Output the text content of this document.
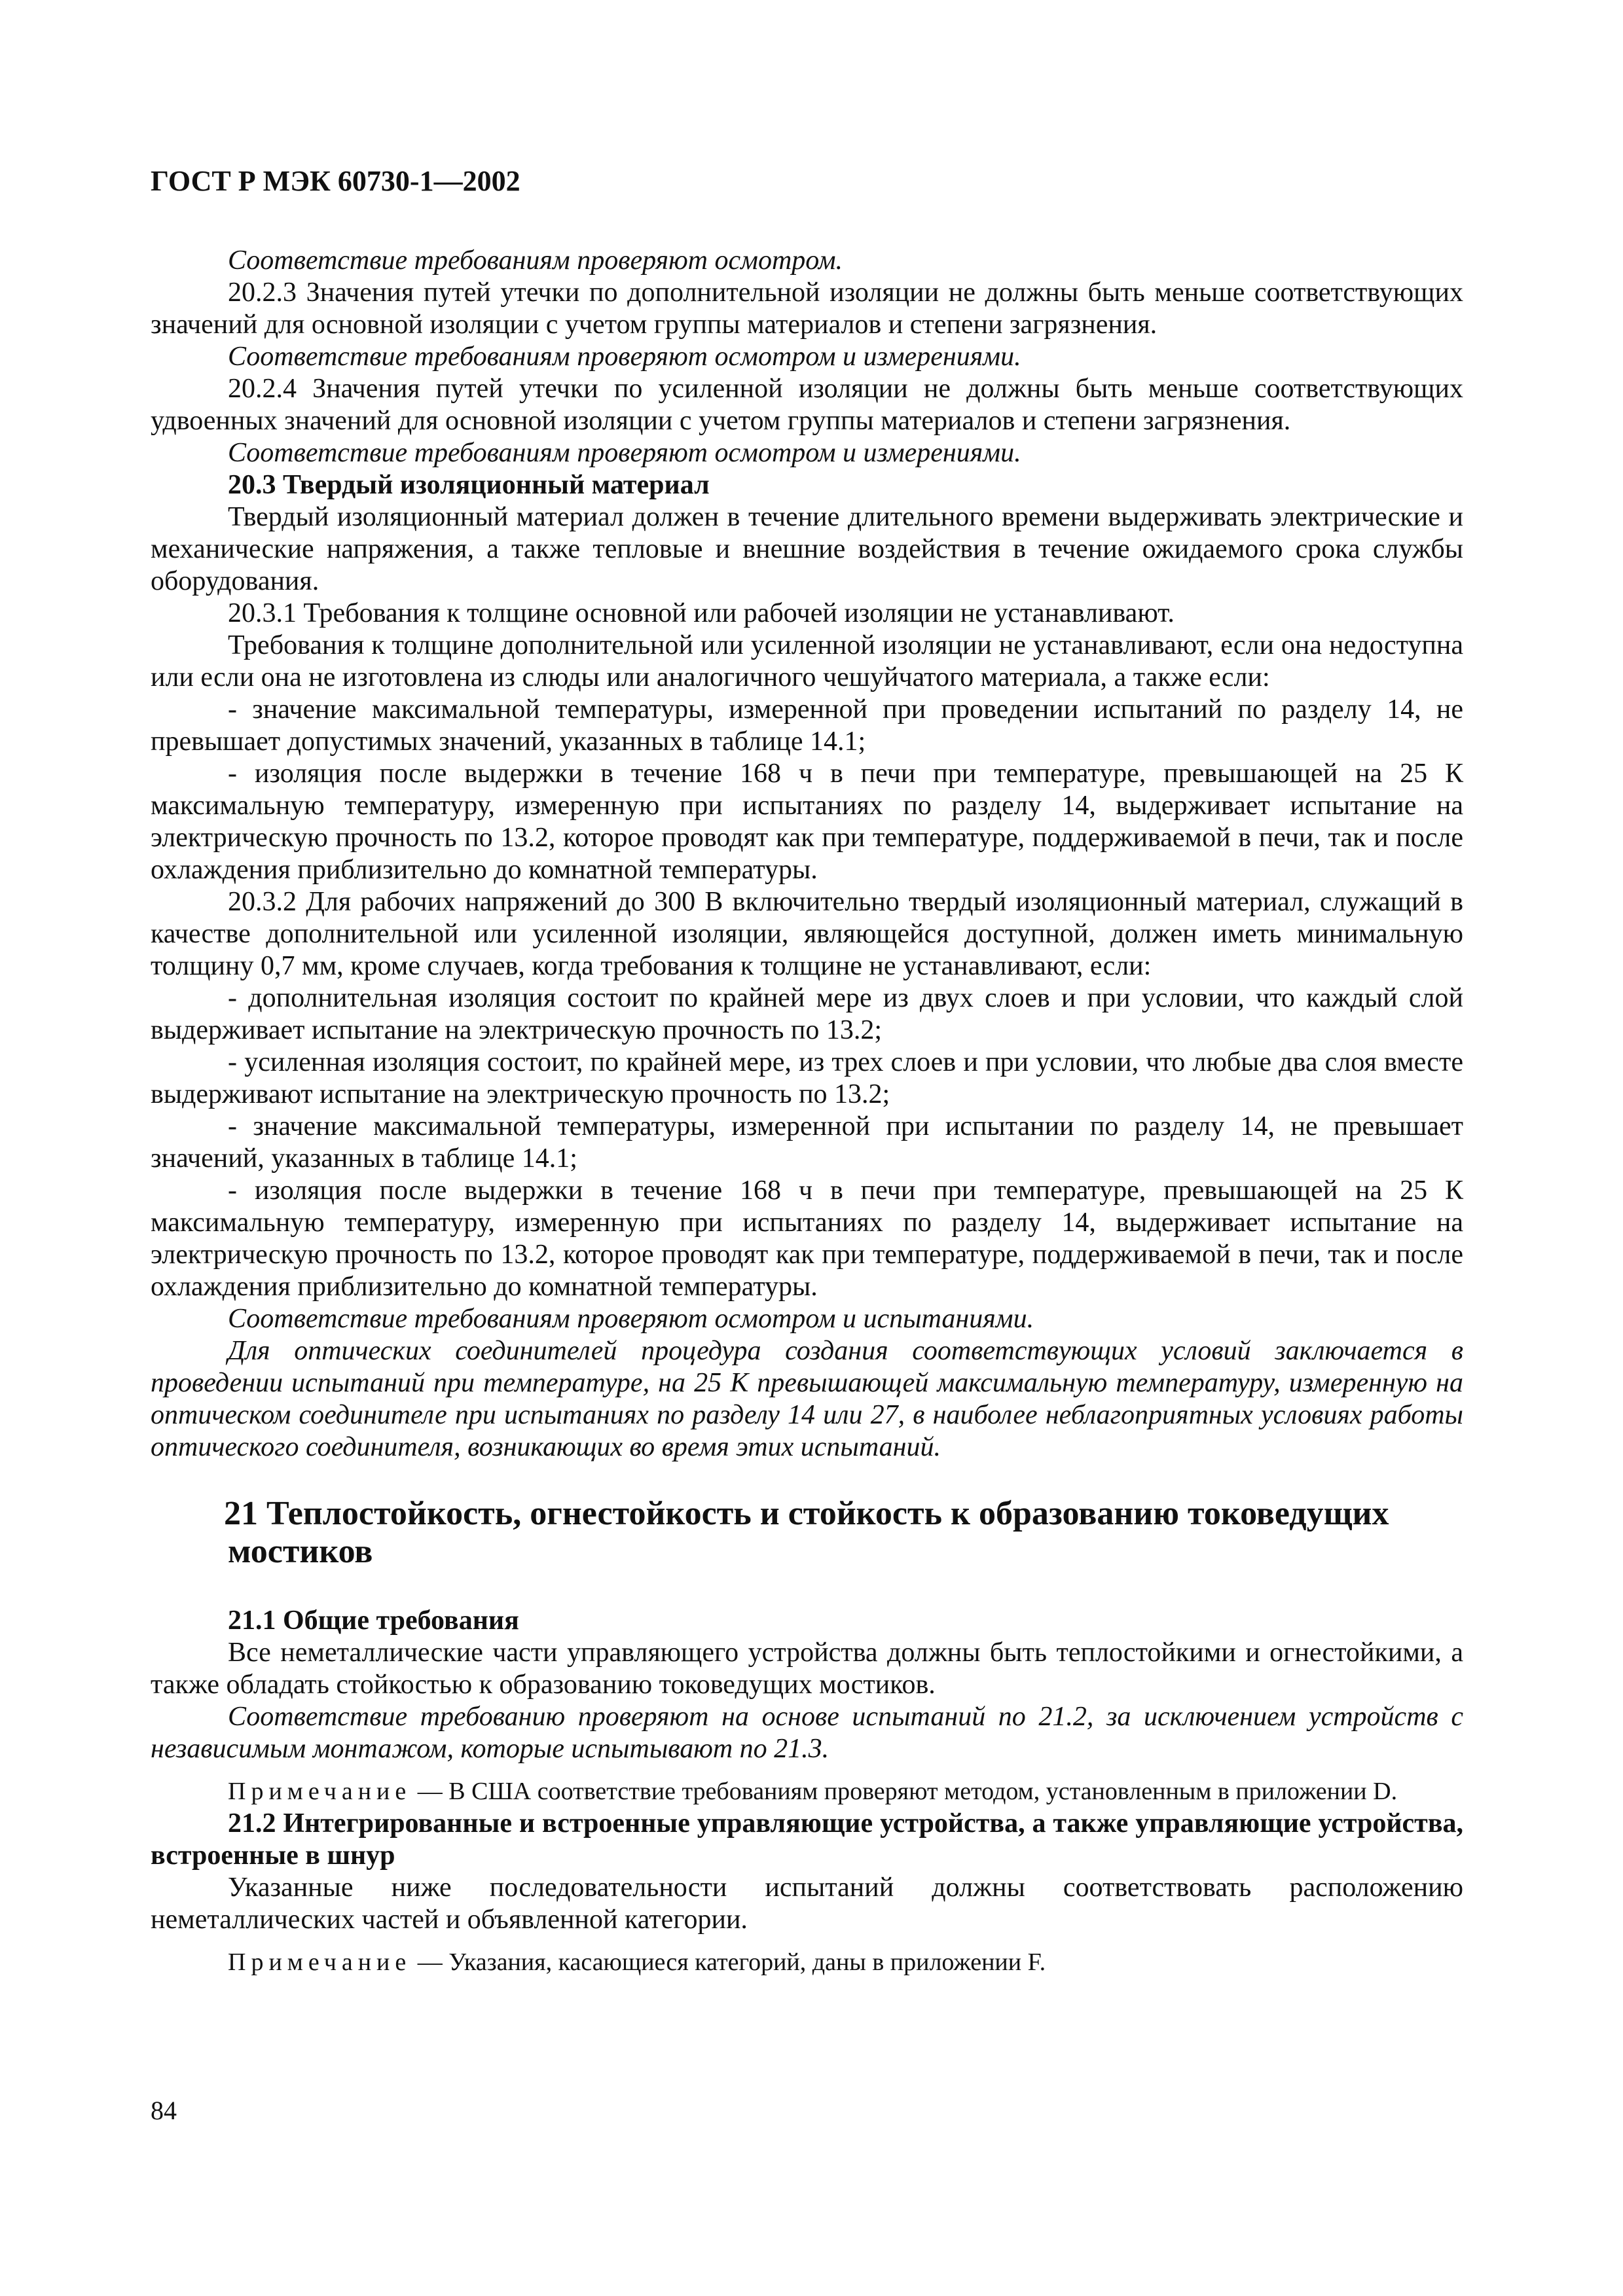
ГОСТ Р МЭК 60730-1—2002
Соответствие требованиям проверяют осмотром.
20.2.3 Значения путей утечки по дополнительной изоляции не должны быть меньше соответствующих значений для основной изоляции с учетом группы материалов и степени загрязнения.
Соответствие требованиям проверяют осмотром и измерениями.
20.2.4 Значения путей утечки по усиленной изоляции не должны быть меньше соответствующих удвоенных значений для основной изоляции с учетом группы материалов и степени загрязнения.
Соответствие требованиям проверяют осмотром и измерениями.
20.3 Твердый изоляционный материал
Твердый изоляционный материал должен в течение длительного времени выдерживать электрические и механические напряжения, а также тепловые и внешние воздействия в течение ожидаемого срока службы оборудования.
20.3.1 Требования к толщине основной или рабочей изоляции не устанавливают.
Требования к толщине дополнительной или усиленной изоляции не устанавливают, если она недоступна или если она не изготовлена из слюды или аналогичного чешуйчатого материала, а также если:
- значение максимальной температуры, измеренной при проведении испытаний по разделу 14, не превышает допустимых значений, указанных в таблице 14.1;
- изоляция после выдержки в течение 168 ч в печи при температуре, превышающей на 25 К максимальную температуру, измеренную при испытаниях по разделу 14, выдерживает испытание на электрическую прочность по 13.2, которое проводят как при температуре, поддерживаемой в печи, так и после охлаждения приблизительно до комнатной температуры.
20.3.2 Для рабочих напряжений до 300 В включительно твердый изоляционный материал, служащий в качестве дополнительной или усиленной изоляции, являющейся доступной, должен иметь минимальную толщину 0,7 мм, кроме случаев, когда требования к толщине не устанавливают, если:
- дополнительная изоляция состоит по крайней мере из двух слоев и при условии, что каждый слой выдерживает испытание на электрическую прочность по 13.2;
- усиленная изоляция состоит, по крайней мере, из трех слоев и при условии, что любые два слоя вместе выдерживают испытание на электрическую прочность по 13.2;
- значение максимальной температуры, измеренной при испытании по разделу 14, не превышает значений, указанных в таблице 14.1;
- изоляция после выдержки в течение 168 ч в печи при температуре, превышающей на 25 К максимальную температуру, измеренную при испытаниях по разделу 14, выдерживает испытание на электрическую прочность по 13.2, которое проводят как при температуре, поддерживаемой в печи, так и после охлаждения приблизительно до комнатной температуры.
Соответствие требованиям проверяют осмотром и испытаниями.
Для оптических соединителей процедура создания соответствующих условий заключается в проведении испытаний при температуре, на 25 К превышающей максимальную температуру, измеренную на оптическом соединителе при испытаниях по разделу 14 или 27, в наиболее неблагоприятных условиях работы оптического соединителя, возникающих во время этих испытаний.
21 Теплостойкость, огнестойкость и стойкость к образованию токоведущих
мостиков
21.1 Общие требования
Все неметаллические части управляющего устройства должны быть теплостойкими и огнестойкими, а также обладать стойкостью к образованию токоведущих мостиков.
Соответствие требованию проверяют на основе испытаний по 21.2, за исключением устройств с независимым монтажом, которые испытывают по 21.3.
Примечание — В США соответствие требованиям проверяют методом, установленным в приложении D.
21.2 Интегрированные и встроенные управляющие устройства, а также управляющие устройства, встроенные в шнур
Указанные ниже последовательности испытаний должны соответствовать расположению неметаллических частей и объявленной категории.
Примечание — Указания, касающиеся категорий, даны в приложении F.
84
